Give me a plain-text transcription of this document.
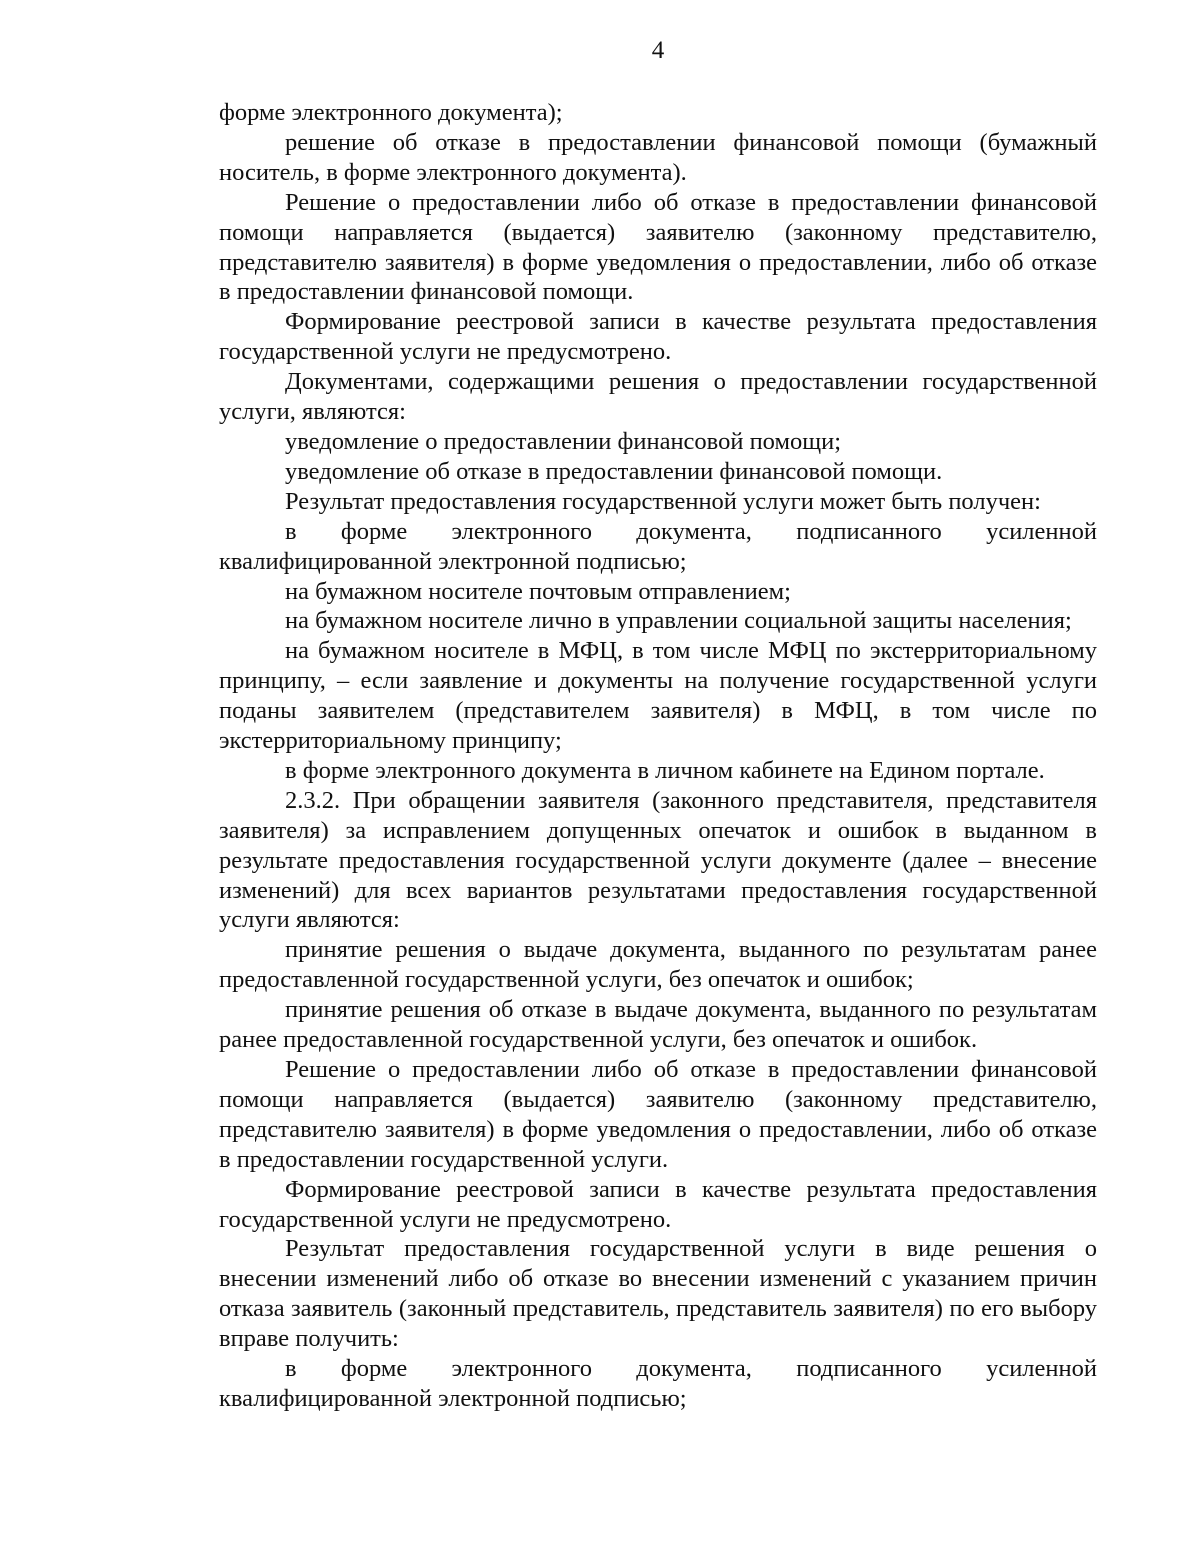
4

форме электронного документа);

решение об отказе в предоставлении финансовой помощи (бумажный носитель, в форме электронного документа).

Решение о предоставлении либо об отказе в предоставлении финансовой помощи направляется (выдается) заявителю (законному представителю, представителю заявителя) в форме уведомления о предоставлении, либо об отказе в предоставлении финансовой помощи.

Формирование реестровой записи в качестве результата предоставления государственной услуги не предусмотрено.

Документами, содержащими решения о предоставлении государственной услуги, являются:

уведомление о предоставлении финансовой помощи;

уведомление об отказе в предоставлении финансовой помощи.

Результат предоставления государственной услуги может быть получен:

в форме электронного документа, подписанного усиленной квалифицированной электронной подписью;

на бумажном носителе почтовым отправлением;

на бумажном носителе лично в управлении социальной защиты населения;

на бумажном носителе в МФЦ, в том числе МФЦ по экстерриториальному принципу, – если заявление и документы на получение государственной услуги поданы заявителем (представителем заявителя) в МФЦ, в том числе по экстерриториальному принципу;

в форме электронного документа в личном кабинете на Едином портале.

2.3.2. При обращении заявителя (законного представителя, представителя заявителя) за исправлением допущенных опечаток и ошибок в выданном в результате предоставления государственной услуги документе (далее – внесение изменений) для всех вариантов результатами предоставления государственной услуги являются:

принятие решения о выдаче документа, выданного по результатам ранее предоставленной государственной услуги, без опечаток и ошибок;

принятие решения об отказе в выдаче документа, выданного по результатам ранее предоставленной государственной услуги, без опечаток и ошибок.

Решение о предоставлении либо об отказе в предоставлении финансовой помощи направляется (выдается) заявителю (законному представителю, представителю заявителя) в форме уведомления о предоставлении, либо об отказе в предоставлении государственной услуги.

Формирование реестровой записи в качестве результата предоставления государственной услуги не предусмотрено.

Результат предоставления государственной услуги в виде решения о внесении изменений либо об отказе во внесении изменений с указанием причин отказа заявитель (законный представитель, представитель заявителя) по его выбору вправе получить:

в форме электронного документа, подписанного усиленной квалифицированной электронной подписью;
